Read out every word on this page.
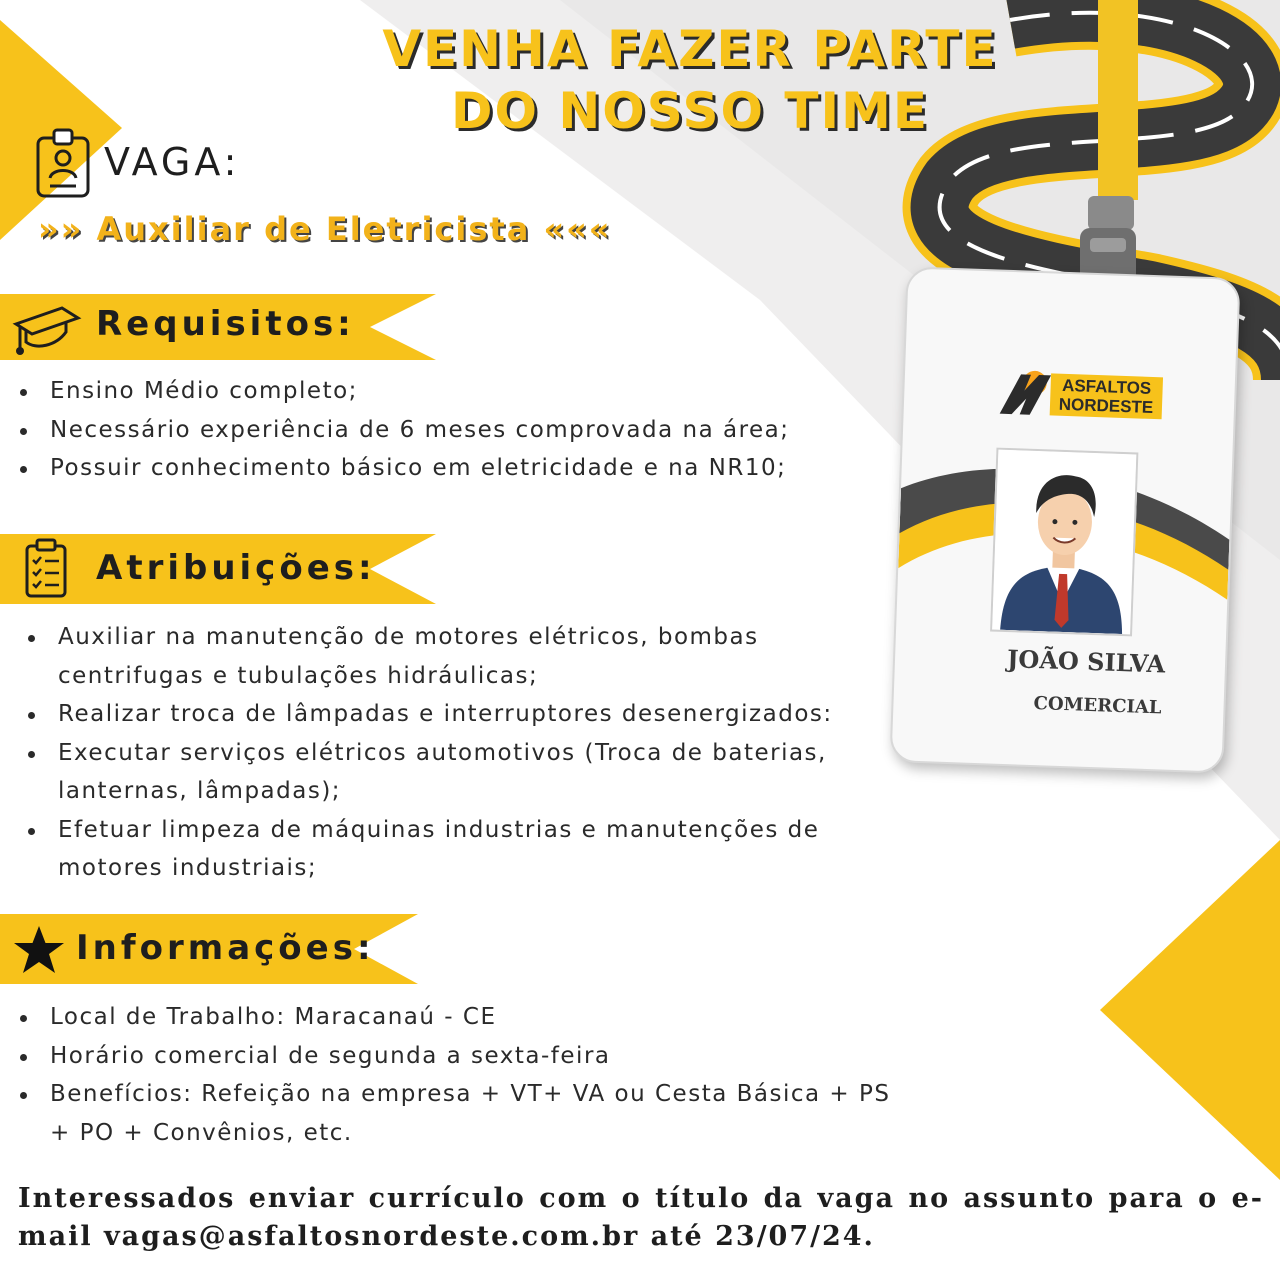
VENHA FAZER PARTE
DO NOSSO TIME
VAGA:
»» Auxiliar de Eletricista «««
Requisitos:
Ensino Médio completo;
Necessário experiência de 6 meses comprovada na área;
Possuir conhecimento básico em eletricidade e na NR10;
Atribuições:
Auxiliar na manutenção de motores elétricos, bombas centrifugas e tubulações hidráulicas;
Realizar troca de lâmpadas e interruptores desenergizados:
Executar serviços elétricos automotivos (Troca de baterias, lanternas, lâmpadas);
Efetuar limpeza de máquinas industrias e manutenções de motores industriais;
Informações:
Local de Trabalho: Maracanaú - CE
Horário comercial de segunda a sexta-feira
Benefícios: Refeição na empresa + VT+ VA ou Cesta Básica + PS + PO + Convênios, etc.
Interessados enviar currículo com o título da vaga no assunto para o e-mail vagas@asfaltosnordeste.com.br até 23/07/24.
ASFALTOS
NORDESTE
JOÃO SILVA
COMERCIAL
